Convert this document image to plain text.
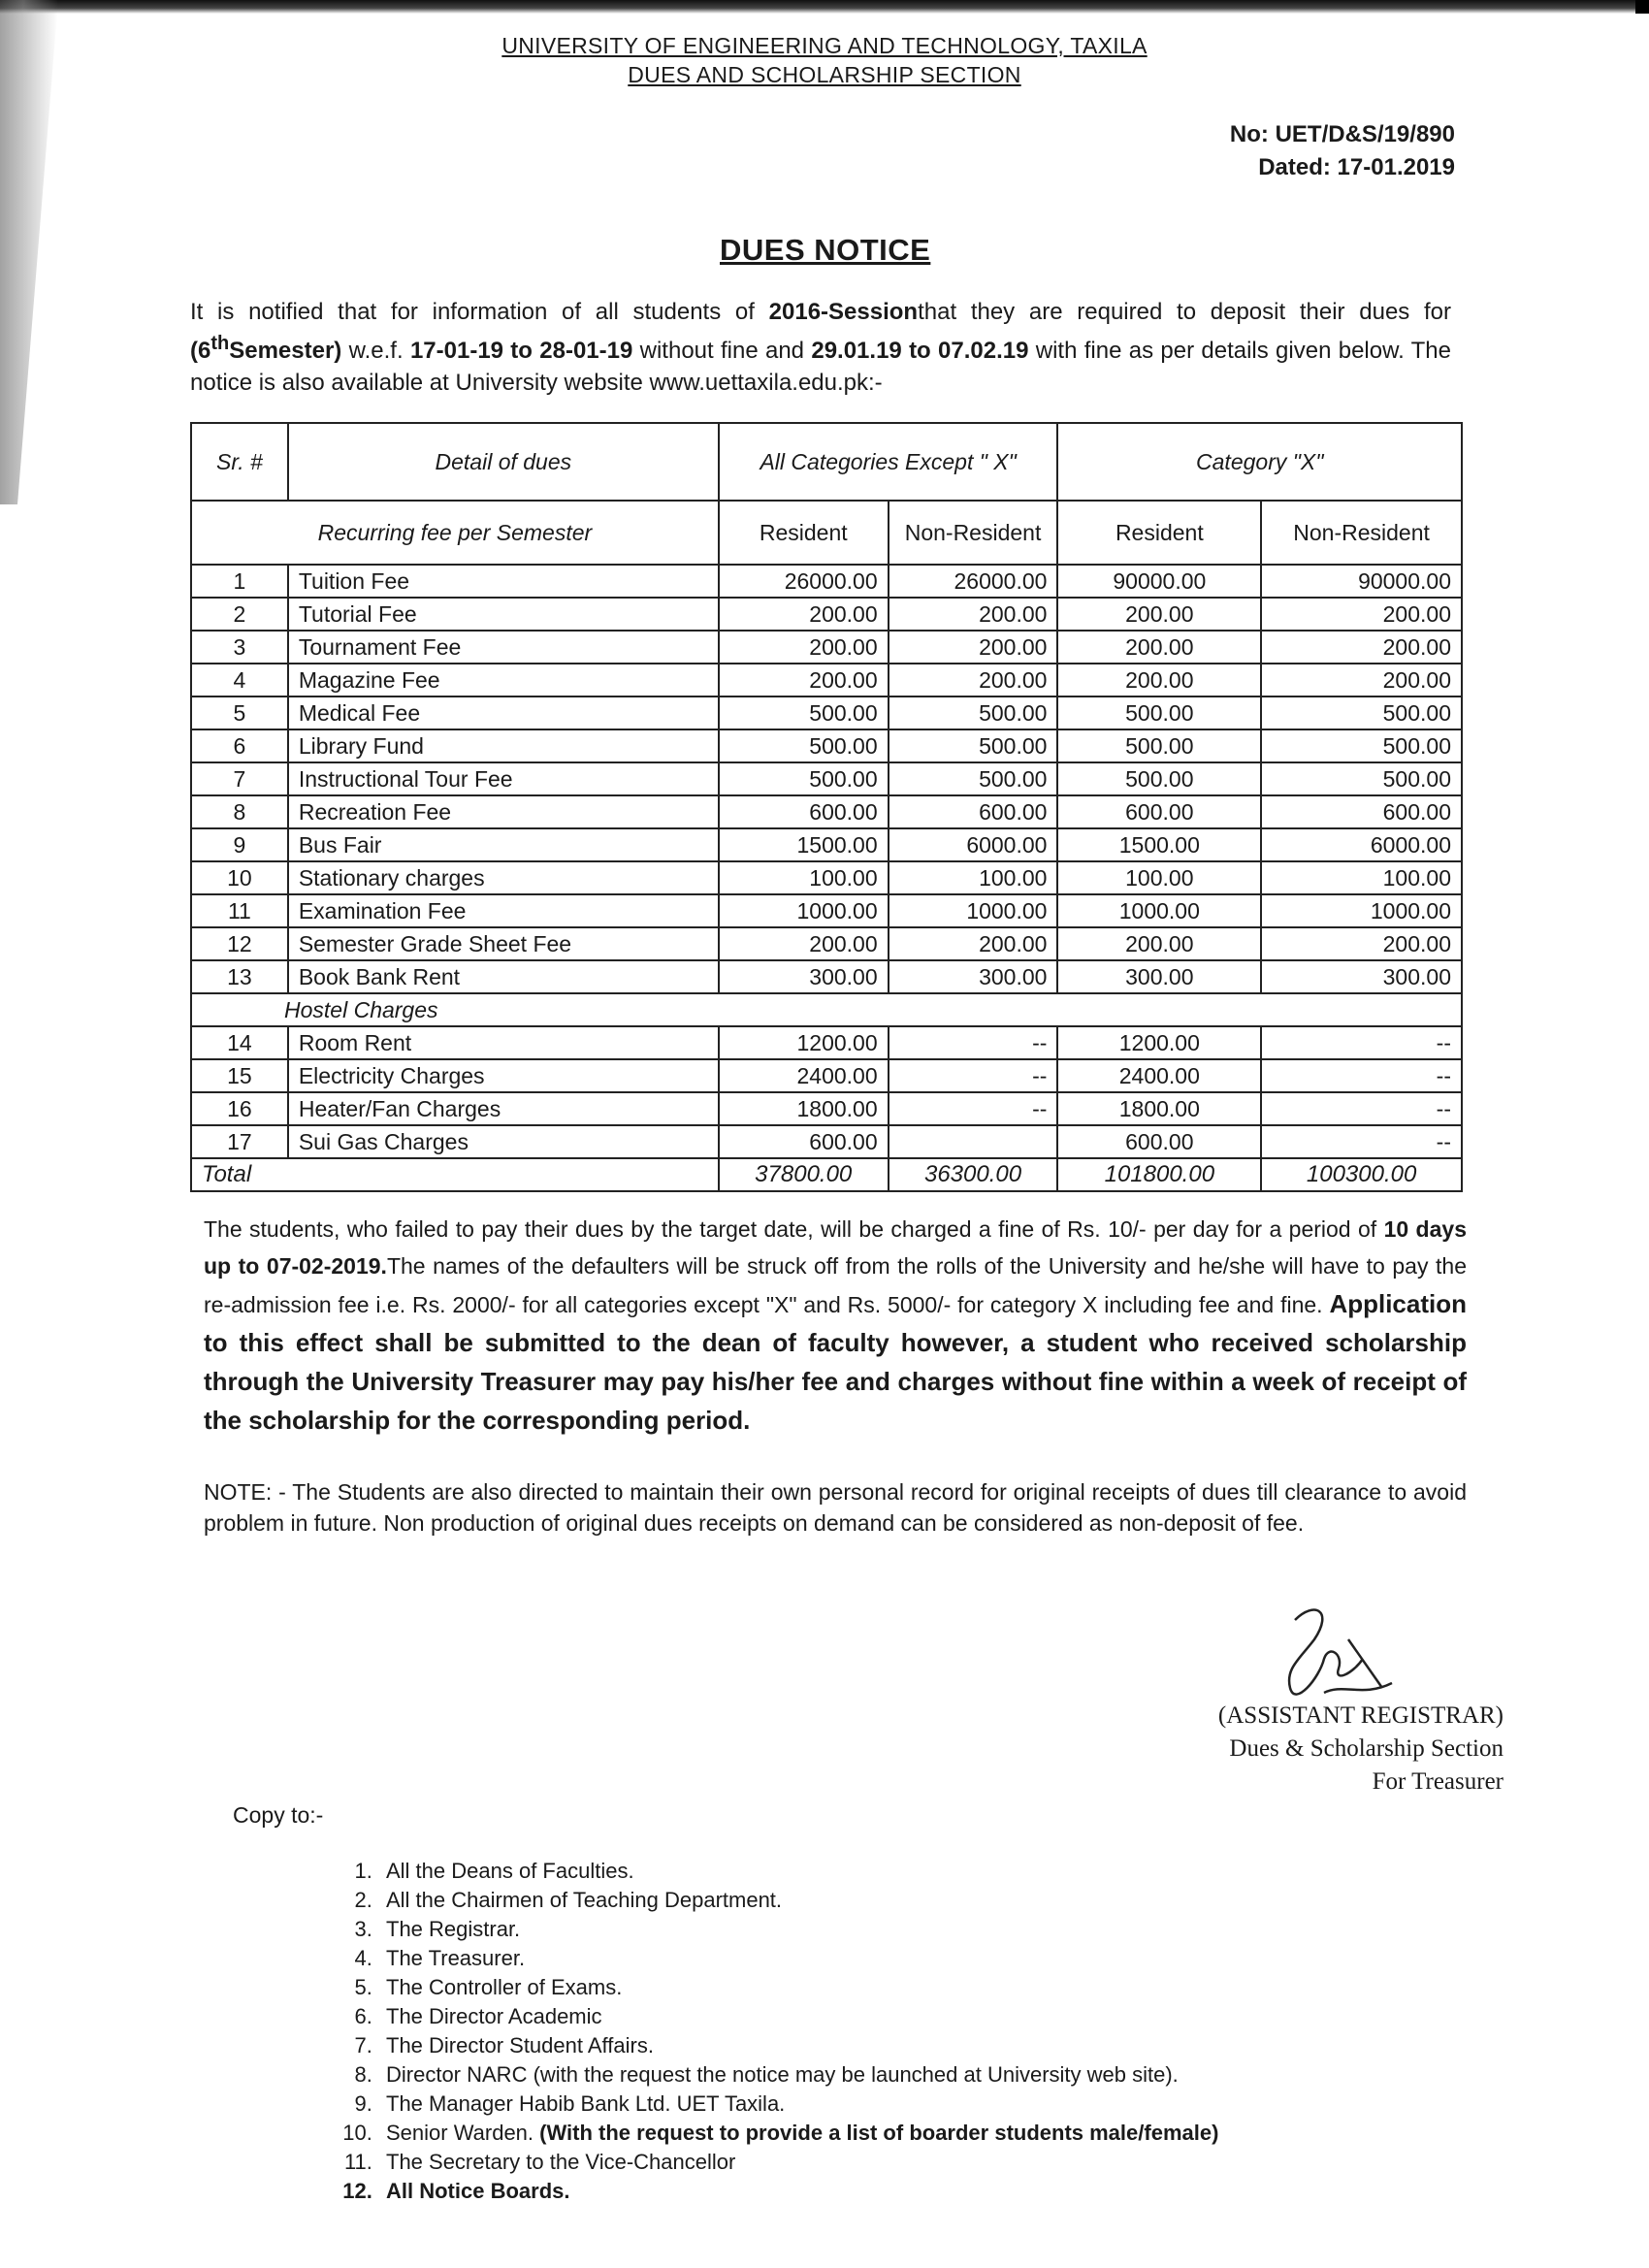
UNIVERSITY OF ENGINEERING AND TECHNOLOGY, TAXILA
DUES AND SCHOLARSHIP SECTION
No: UET/D&S/19/890
Dated: 17-01.2019
DUES NOTICE
It is notified that for information of all students of 2016-Sessionthat they are required to deposit their dues for (6thSemester) w.e.f. 17-01-19 to 28-01-19 without fine and 29.01.19 to 07.02.19 with fine as per details given below. The notice is also available at University website www.uettaxila.edu.pk:-
Sr. #	Detail of dues	All Categories Except " X"		Category "X"	
Recurring fee per Semester		Resident	Non-Resident	Resident	Non-Resident
1	Tuition Fee	26000.00	26000.00	90000.00	90000.00
2	Tutorial Fee	200.00	200.00	200.00	200.00
3	Tournament Fee	200.00	200.00	200.00	200.00
4	Magazine Fee	200.00	200.00	200.00	200.00
5	Medical Fee	500.00	500.00	500.00	500.00
6	Library Fund	500.00	500.00	500.00	500.00
7	Instructional Tour Fee	500.00	500.00	500.00	500.00
8	Recreation Fee	600.00	600.00	600.00	600.00
9	Bus Fair	1500.00	6000.00	1500.00	6000.00
10	Stationary charges	100.00	100.00	100.00	100.00
11	Examination Fee	1000.00	1000.00	1000.00	1000.00
12	Semester Grade Sheet Fee	200.00	200.00	200.00	200.00
13	Book Bank Rent	300.00	300.00	300.00	300.00
Hostel Charges					
14	Room Rent	1200.00	--	1200.00	--
15	Electricity Charges	2400.00	--	2400.00	--
16	Heater/Fan Charges	1800.00	--	1800.00	--
17	Sui Gas Charges	600.00		600.00	--
Total		37800.00	36300.00	101800.00	100300.00
The students, who failed to pay their dues by the target date, will be charged a fine of Rs. 10/- per day for a period of 10 days up to 07-02-2019.The names of the defaulters will be struck off from the rolls of the University and he/she will have to pay the re-admission fee i.e. Rs. 2000/- for all categories except "X" and Rs. 5000/- for category X including fee and fine. Application to this effect shall be submitted to the dean of faculty however, a student who received scholarship through the University Treasurer may pay his/her fee and charges without fine within a week of receipt of the scholarship for the corresponding period.
NOTE: - The Students are also directed to maintain their own personal record for original receipts of dues till clearance to avoid problem in future. Non production of original dues receipts on demand can be considered as non-deposit of fee.
(ASSISTANT REGISTRAR)
Dues & Scholarship Section
For Treasurer
Copy to:-
1. All the Deans of Faculties.
2. All the Chairmen of Teaching Department.
3. The Registrar.
4. The Treasurer.
5. The Controller of Exams.
6. The Director Academic
7. The Director Student Affairs.
8. Director NARC (with the request the notice may be launched at University web site).
9. The Manager Habib Bank Ltd. UET Taxila.
10. Senior Warden. (With the request to provide a list of boarder students male/female)
11. The Secretary to the Vice-Chancellor
12. All Notice Boards.
